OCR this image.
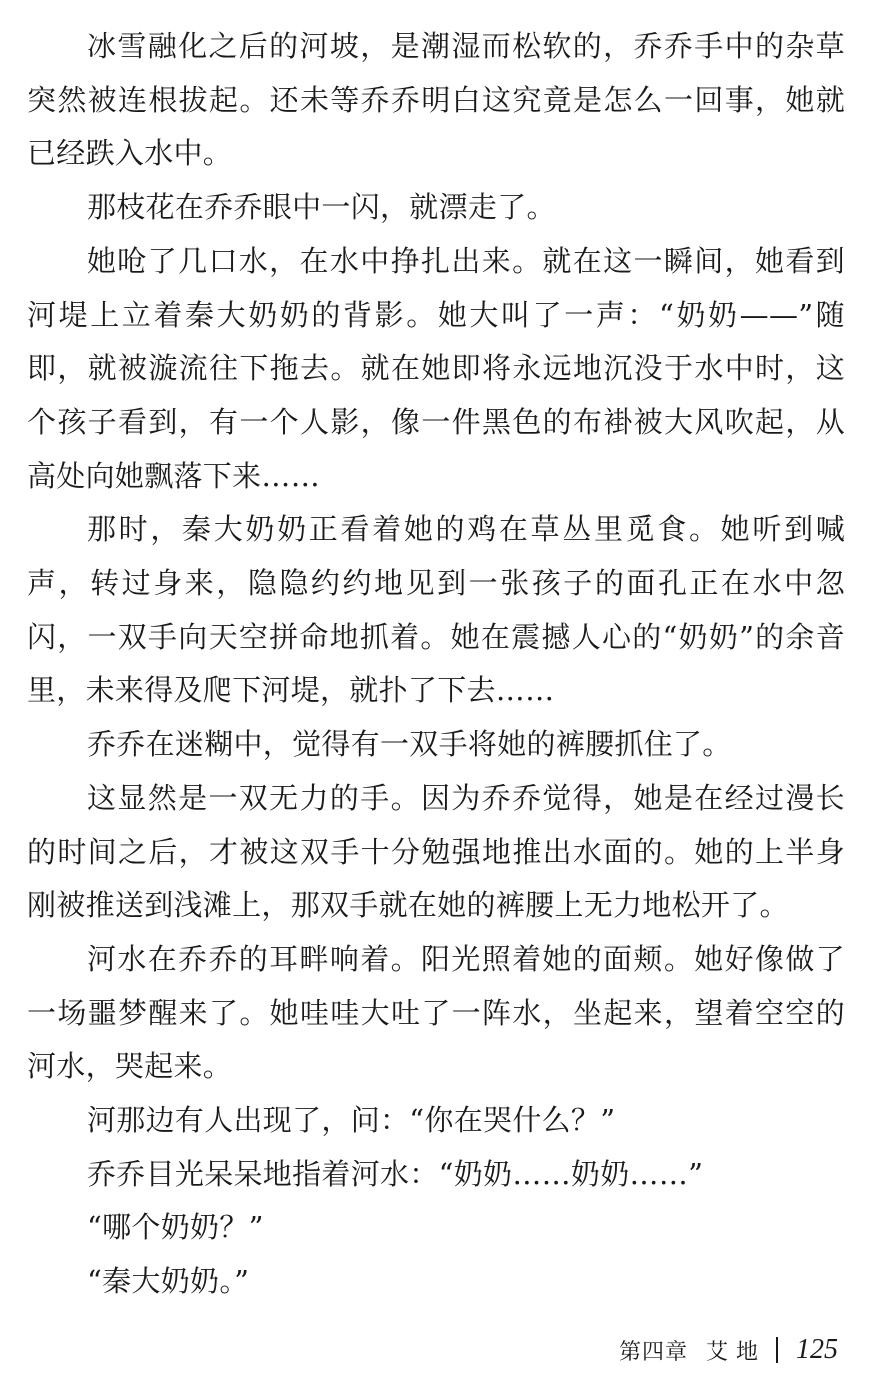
冰雪融化之后的河坡，是潮湿而松软的，乔乔手中的杂草突然被连根拔起。还未等乔乔明白这究竟是怎么一回事，她就已经跌入水中。

那枝花在乔乔眼中一闪，就漂走了。

她呛了几口水，在水中挣扎出来。就在这一瞬间，她看到河堤上立着秦大奶奶的背影。她大叫了一声：“奶奶——”随即，就被漩流往下拖去。就在她即将永远地沉没于水中时，这个孩子看到，有一个人影，像一件黑色的布褂被大风吹起，从高处向她飘落下来……

那时，秦大奶奶正看着她的鸡在草丛里觅食。她听到喊声，转过身来，隐隐约约地见到一张孩子的面孔正在水中忽闪，一双手向天空拼命地抓着。她在震撼人心的“奶奶”的余音里，未来得及爬下河堤，就扑了下去……

乔乔在迷糊中，觉得有一双手将她的裤腰抓住了。

这显然是一双无力的手。因为乔乔觉得，她是在经过漫长的时间之后，才被这双手十分勉强地推出水面的。她的上半身刚被推送到浅滩上，那双手就在她的裤腰上无力地松开了。

河水在乔乔的耳畔响着。阳光照着她的面颊。她好像做了一场噩梦醒来了。她哇哇大吐了一阵水，坐起来，望着空空的河水，哭起来。

河那边有人出现了，问：“你在哭什么？”

乔乔目光呆呆地指着河水：“奶奶……奶奶……”

“哪个奶奶？”

“秦大奶奶。”

第四章 艾地 125
